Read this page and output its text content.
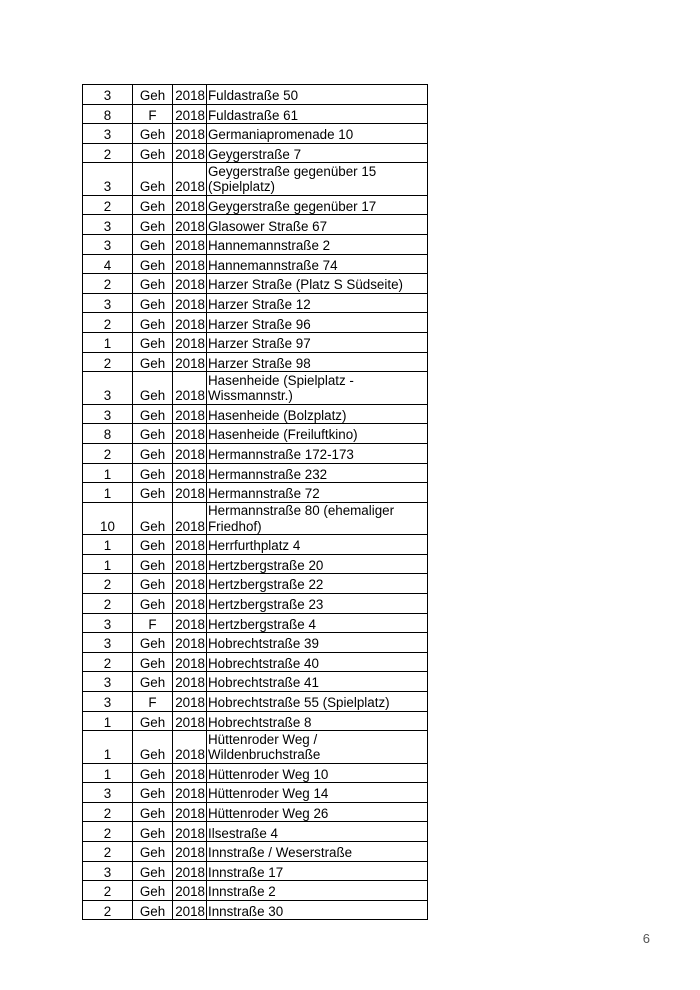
3	Geh	2018	Fuldastraße 50
8	F	2018	Fuldastraße 61
3	Geh	2018	Germaniapromenade 10
2	Geh	2018	Geygerstraße 7
3	Geh	2018	Geygerstraße gegenüber 15 (Spielplatz)
2	Geh	2018	Geygerstraße gegenüber 17
3	Geh	2018	Glasower Straße 67
3	Geh	2018	Hannemannstraße 2
4	Geh	2018	Hannemannstraße 74
2	Geh	2018	Harzer Straße (Platz S Südseite)
3	Geh	2018	Harzer Straße 12
2	Geh	2018	Harzer Straße 96
1	Geh	2018	Harzer Straße 97
2	Geh	2018	Harzer Straße 98
3	Geh	2018	Hasenheide (Spielplatz - Wissmannstr.)
3	Geh	2018	Hasenheide (Bolzplatz)
8	Geh	2018	Hasenheide (Freiluftkino)
2	Geh	2018	Hermannstraße 172-173
1	Geh	2018	Hermannstraße 232
1	Geh	2018	Hermannstraße 72
10	Geh	2018	Hermannstraße 80 (ehemaliger Friedhof)
1	Geh	2018	Herrfurthplatz 4
1	Geh	2018	Hertzbergstraße 20
2	Geh	2018	Hertzbergstraße 22
2	Geh	2018	Hertzbergstraße 23
3	F	2018	Hertzbergstraße 4
3	Geh	2018	Hobrechtstraße 39
2	Geh	2018	Hobrechtstraße 40
3	Geh	2018	Hobrechtstraße 41
3	F	2018	Hobrechtstraße 55 (Spielplatz)
1	Geh	2018	Hobrechtstraße 8
1	Geh	2018	Hüttenroder Weg / Wildenbruchstraße
1	Geh	2018	Hüttenroder Weg 10
3	Geh	2018	Hüttenroder Weg 14
2	Geh	2018	Hüttenroder Weg 26
2	Geh	2018	Ilsestraße 4
2	Geh	2018	Innstraße / Weserstraße
3	Geh	2018	Innstraße 17
2	Geh	2018	Innstraße 2
2	Geh	2018	Innstraße 30
6
